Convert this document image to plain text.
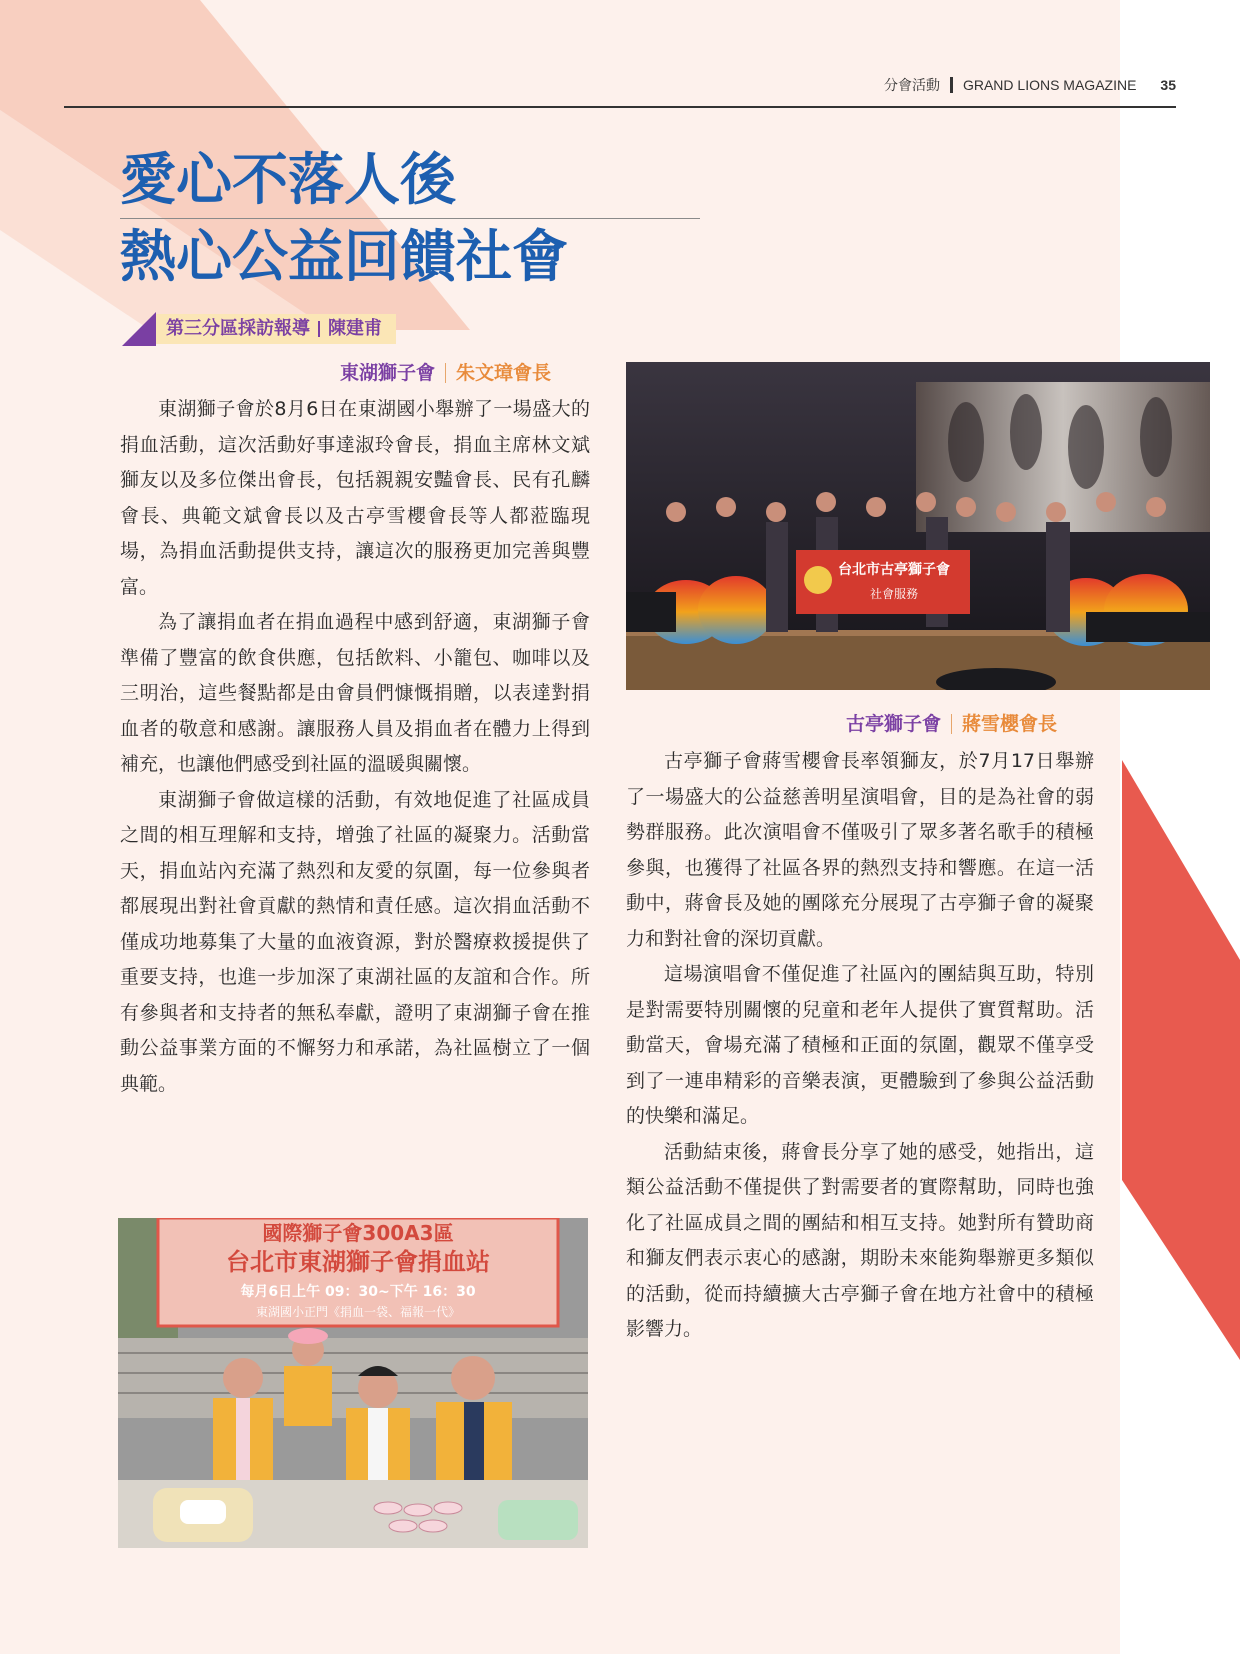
分會活動 GRAND LIONS MAGAZINE 35
愛心不落人後
熱心公益回饋社會
第三分區採訪報導 陳建甫
東湖獅子會 朱文璋會長

東湖獅子會於8月6日在東湖國小舉辦了一場盛大的捐血活動，這次活動好事達淑玲會長，捐血主席林文斌獅友以及多位傑出會長，包括親親安豔會長、民有孔麟會長、典範文斌會長以及古亭雪櫻會長等人都蒞臨現場，為捐血活動提供支持，讓這次的服務更加完善與豐富。

為了讓捐血者在捐血過程中感到舒適，東湖獅子會準備了豐富的飲食供應，包括飲料、小籠包、咖啡以及三明治，這些餐點都是由會員們慷慨捐贈，以表達對捐血者的敬意和感謝。讓服務人員及捐血者在體力上得到補充，也讓他們感受到社區的溫暖與關懷。

東湖獅子會做這樣的活動，有效地促進了社區成員之間的相互理解和支持，增強了社區的凝聚力。活動當天，捐血站內充滿了熱烈和友愛的氛圍，每一位參與者都展現出對社會貢獻的熱情和責任感。這次捐血活動不僅成功地募集了大量的血液資源，對於醫療救援提供了重要支持，也進一步加深了東湖社區的友誼和合作。所有參與者和支持者的無私奉獻，證明了東湖獅子會在推動公益事業方面的不懈努力和承諾，為社區樹立了一個典範。

台北市古亭獅子會
社會服務
古亭獅子會 蔣雪櫻會長

古亭獅子會蔣雪櫻會長率領獅友，於7月17日舉辦了一場盛大的公益慈善明星演唱會，目的是為社會的弱勢群服務。此次演唱會不僅吸引了眾多著名歌手的積極參與，也獲得了社區各界的熱烈支持和響應。在這一活動中，蔣會長及她的團隊充分展現了古亭獅子會的凝聚力和對社會的深切貢獻。

這場演唱會不僅促進了社區內的團結與互助，特別是對需要特別關懷的兒童和老年人提供了實質幫助。活動當天，會場充滿了積極和正面的氛圍，觀眾不僅享受到了一連串精彩的音樂表演，更體驗到了參與公益活動的快樂和滿足。

活動結束後，蔣會長分享了她的感受，她指出，這類公益活動不僅提供了對需要者的實際幫助，同時也強化了社區成員之間的團結和相互支持。她對所有贊助商和獅友們表示衷心的感謝，期盼未來能夠舉辦更多類似的活動，從而持續擴大古亭獅子會在地方社會中的積極影響力。

國際獅子會300A3區
台北市東湖獅子會捐血站
每月6日上午 09：30~下午 16：30
東湖國小正門《捐血一袋、福報一代》
